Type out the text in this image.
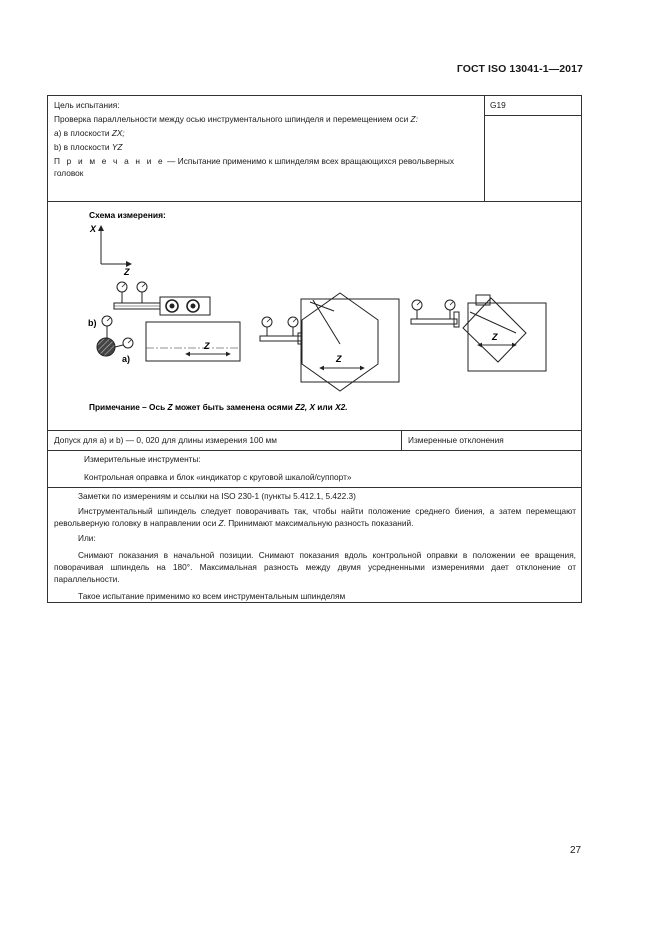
ГОСТ ISO 13041-1—2017

Цель испытания:

Проверка параллельности между осью инструментального шпинделя и перемещением оси Z:

а) в плоскости ZX;

b) в плоскости YZ

П р и м е ч а н и е — Испытание применимо к шпинделям всех вращающихся револьверных головок

G19
Схема измерения:
X
Z
Z
b)
a)	Z
Z
Примечание – Ось Z может быть заменена осями Z2, X или X2.
Допуск для а) и b) — 0, 020 для длины измерения 100 мм	Измеренные отклонения

Измерительные инструменты:

Контрольная оправка и блок «индикатор с круговой шкалой/суппорт»

Заметки по измерениям и ссылки на ISO 230-1 (пункты 5.412.1, 5.422.3)

Инструментальный шпиндель следует поворачивать так, чтобы найти положение среднего биения, а затем перемещают револьверную головку в направлении оси Z. Принимают максимальную разность показаний.

Или:

Снимают показания в начальной позиции. Снимают показания вдоль контрольной оправки в положении ее вращения, поворачивая шпиндель на 180°. Максимальная разность между двумя усредненными измерениями дает отклонение от параллельности.

Такое испытание применимо ко всем инструментальным шпинделям

27
